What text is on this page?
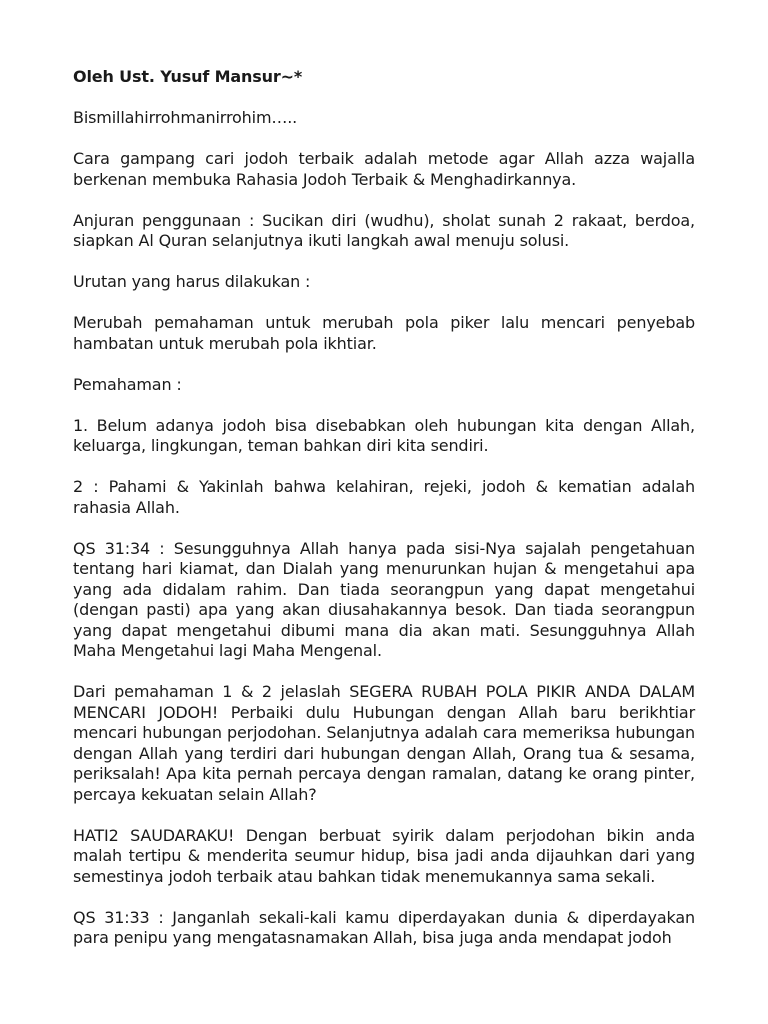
Oleh Ust. Yusuf Mansur~*

Bismillahirrohmanirrohim…..

Cara gampang cari jodoh terbaik adalah metode agar Allah azza wajalla berkenan membuka Rahasia Jodoh Terbaik & Menghadirkannya.

Anjuran penggunaan : Sucikan diri (wudhu), sholat sunah 2 rakaat, berdoa, siapkan Al Quran selanjutnya ikuti langkah awal menuju solusi.

Urutan yang harus dilakukan :

Merubah pemahaman untuk merubah pola piker lalu mencari penyebab hambatan untuk merubah pola ikhtiar.

Pemahaman :

1. Belum adanya jodoh bisa disebabkan oleh hubungan kita dengan Allah, keluarga, lingkungan, teman bahkan diri kita sendiri.

2 : Pahami & Yakinlah bahwa kelahiran, rejeki, jodoh & kematian adalah rahasia Allah.

QS 31:34 : Sesungguhnya Allah hanya pada sisi-Nya sajalah pengetahuan tentang hari kiamat, dan Dialah yang menurunkan hujan & mengetahui apa yang ada didalam rahim. Dan tiada seorangpun yang dapat mengetahui (dengan pasti) apa yang akan diusahakannya besok. Dan tiada seorangpun yang dapat mengetahui dibumi mana dia akan mati. Sesungguhnya Allah Maha Mengetahui lagi Maha Mengenal.

Dari pemahaman 1 & 2 jelaslah SEGERA RUBAH POLA PIKIR ANDA DALAM MENCARI JODOH! Perbaiki dulu Hubungan dengan Allah baru berikhtiar mencari hubungan perjodohan. Selanjutnya adalah cara memeriksa hubungan dengan Allah yang terdiri dari hubungan dengan Allah, Orang tua & sesama, periksalah! Apa kita pernah percaya dengan ramalan, datang ke orang pinter, percaya kekuatan selain Allah?

HATI2 SAUDARAKU! Dengan berbuat syirik dalam perjodohan bikin anda malah tertipu & menderita seumur hidup, bisa jadi anda dijauhkan dari yang semestinya jodoh terbaik atau bahkan tidak menemukannya sama sekali.

QS 31:33 : Janganlah sekali-kali kamu diperdayakan dunia & diperdayakan para penipu yang mengatasnamakan Allah, bisa juga anda mendapat jodoh
